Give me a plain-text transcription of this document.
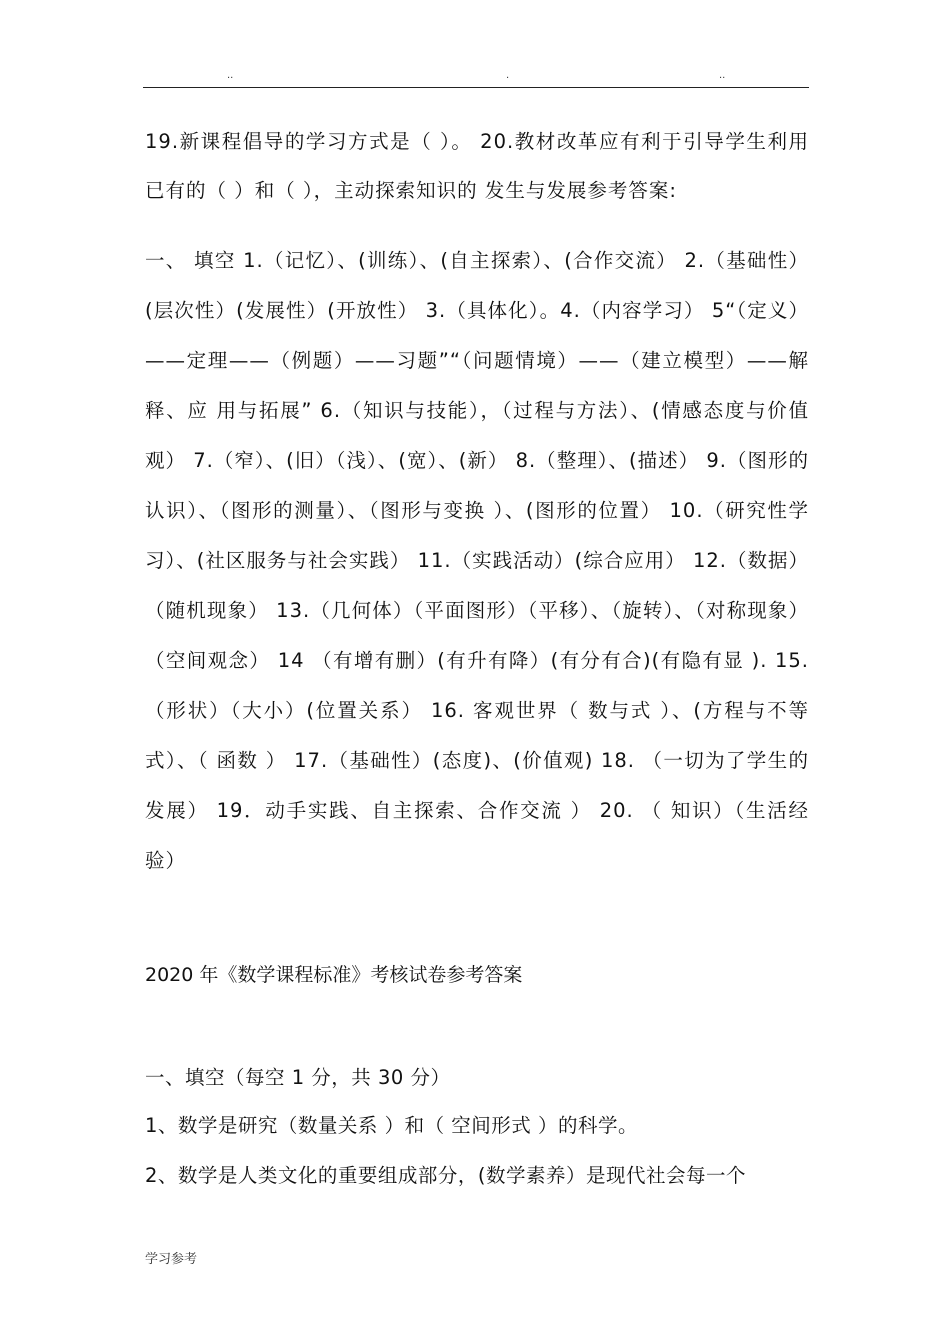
..	.	..
19.新课程倡导的学习方式是（ ）。 20.教材改革应有利于引导学生利用已有的（ ）和（ ），主动探索知识的 发生与发展参考答案:
一、 填空 1.（记忆）、(训练）、(自主探索）、(合作交流） 2.（基础性）(层次性）(发展性）(开放性） 3.（具体化）。4.（内容学习） 5“（定义）——定理——（例题）——习题”“（问题情境）——（建立模型）——解释、应 用与拓展” 6.（知识与技能），（过程与方法）、(情感态度与价值观） 7.（窄）、(旧）（浅）、(宽）、(新） 8.（整理）、(描述） 9.（图形的认识）、（图形的测量）、（图形与变换 ）、(图形的位置） 10.（研究性学习）、(社区服务与社会实践） 11.（实践活动）(综合应用） 12.（数据）（随机现象） 13.（几何体）（平面图形）（平移）、（旋转）、（对称现象）（空间观念） 14 （有增有删）(有升有降）(有分有合)(有隐有显 ). 15. （形状）（大小）(位置关系） 16. 客观世界（ 数与式 ）、(方程与不等式）、（ 函数 ） 17.（基础性）(态度)、(价值观) 18. （一切为了学生的发展） 19．动手实践、自主探索、合作交流 ） 20. （ 知识）（生活经验）
2020 年《数学课程标准》考核试卷参考答案
一、填空（每空 1 分，共 30 分）
1、数学是研究（数量关系 ）和（ 空间形式 ）的科学。
2、数学是人类文化的重要组成部分，(数学素养）是现代社会每一个
学习参考
